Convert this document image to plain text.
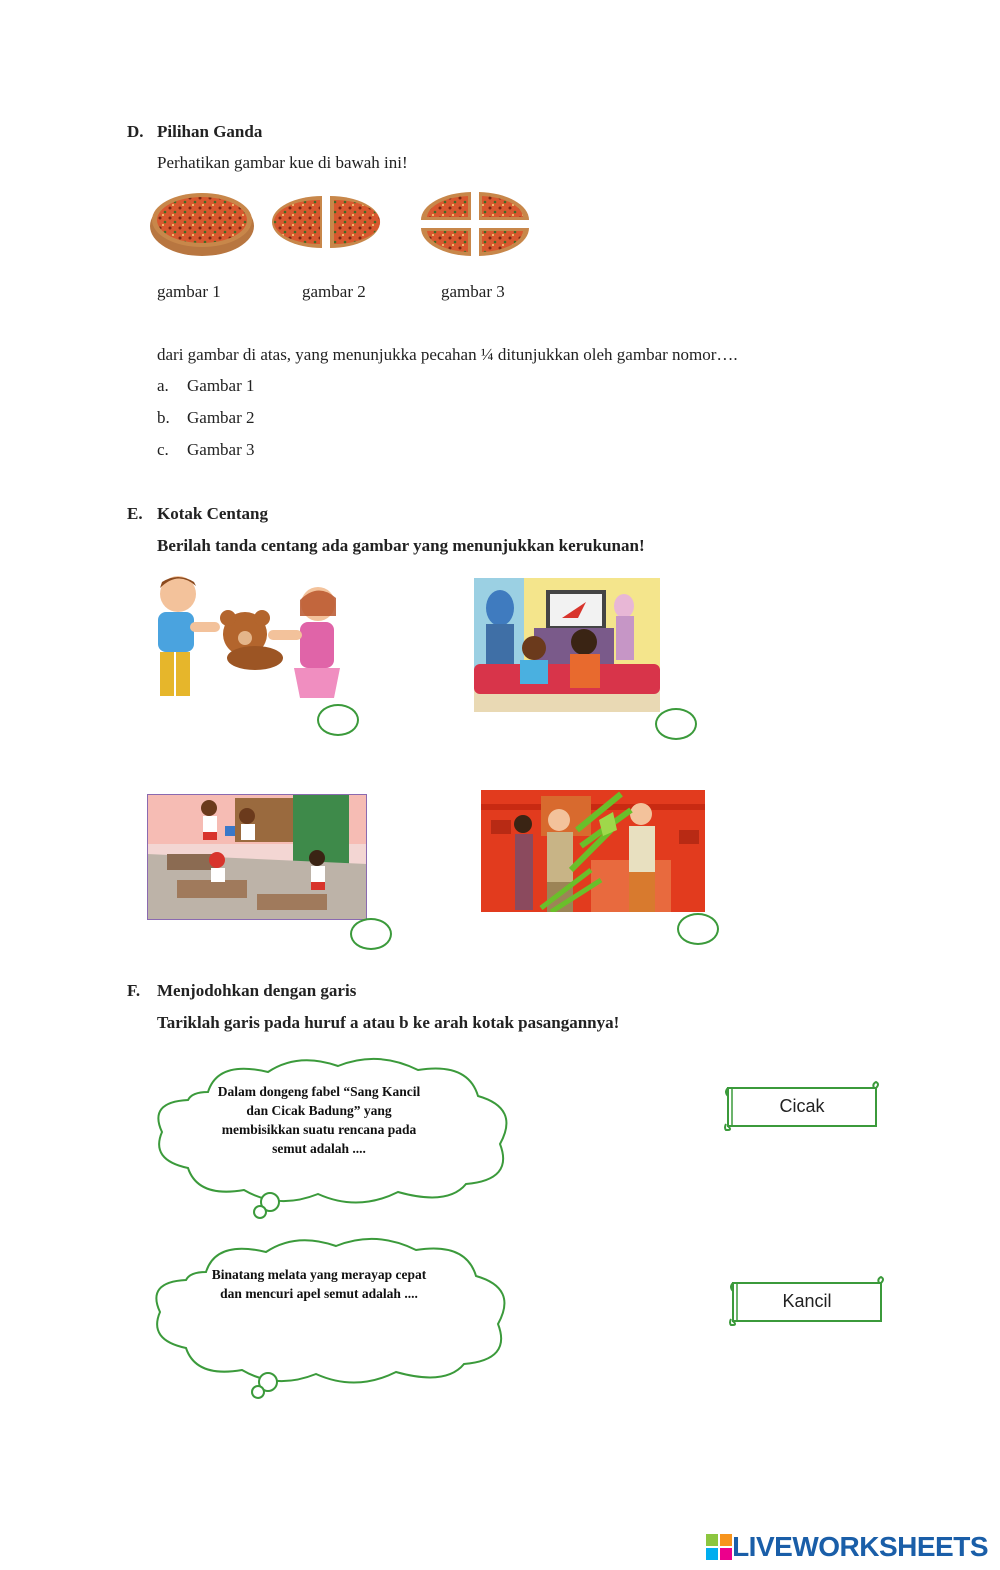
D. Pilihan Ganda
Perhatikan gambar kue di bawah ini!
gambar 1	gambar 2	gambar 3
dari gambar di atas, yang menunjukka pecahan ¼ ditunjukkan oleh gambar nomor….
a. Gambar 1
b. Gambar 2
c. Gambar 3
E. Kotak Centang
Berilah tanda centang ada gambar yang menunjukkan kerukunan!
F. Menjodohkan dengan garis
Tariklah garis pada huruf a atau b ke arah kotak pasangannya!
Dalam dongeng fabel “Sang Kancil dan Cicak Badung” yang membisikkan suatu rencana pada semut adalah ....
Binatang melata yang merayap cepat dan mencuri apel semut adalah ....
Cicak
Kancil
LIVEWORKSHEETS
